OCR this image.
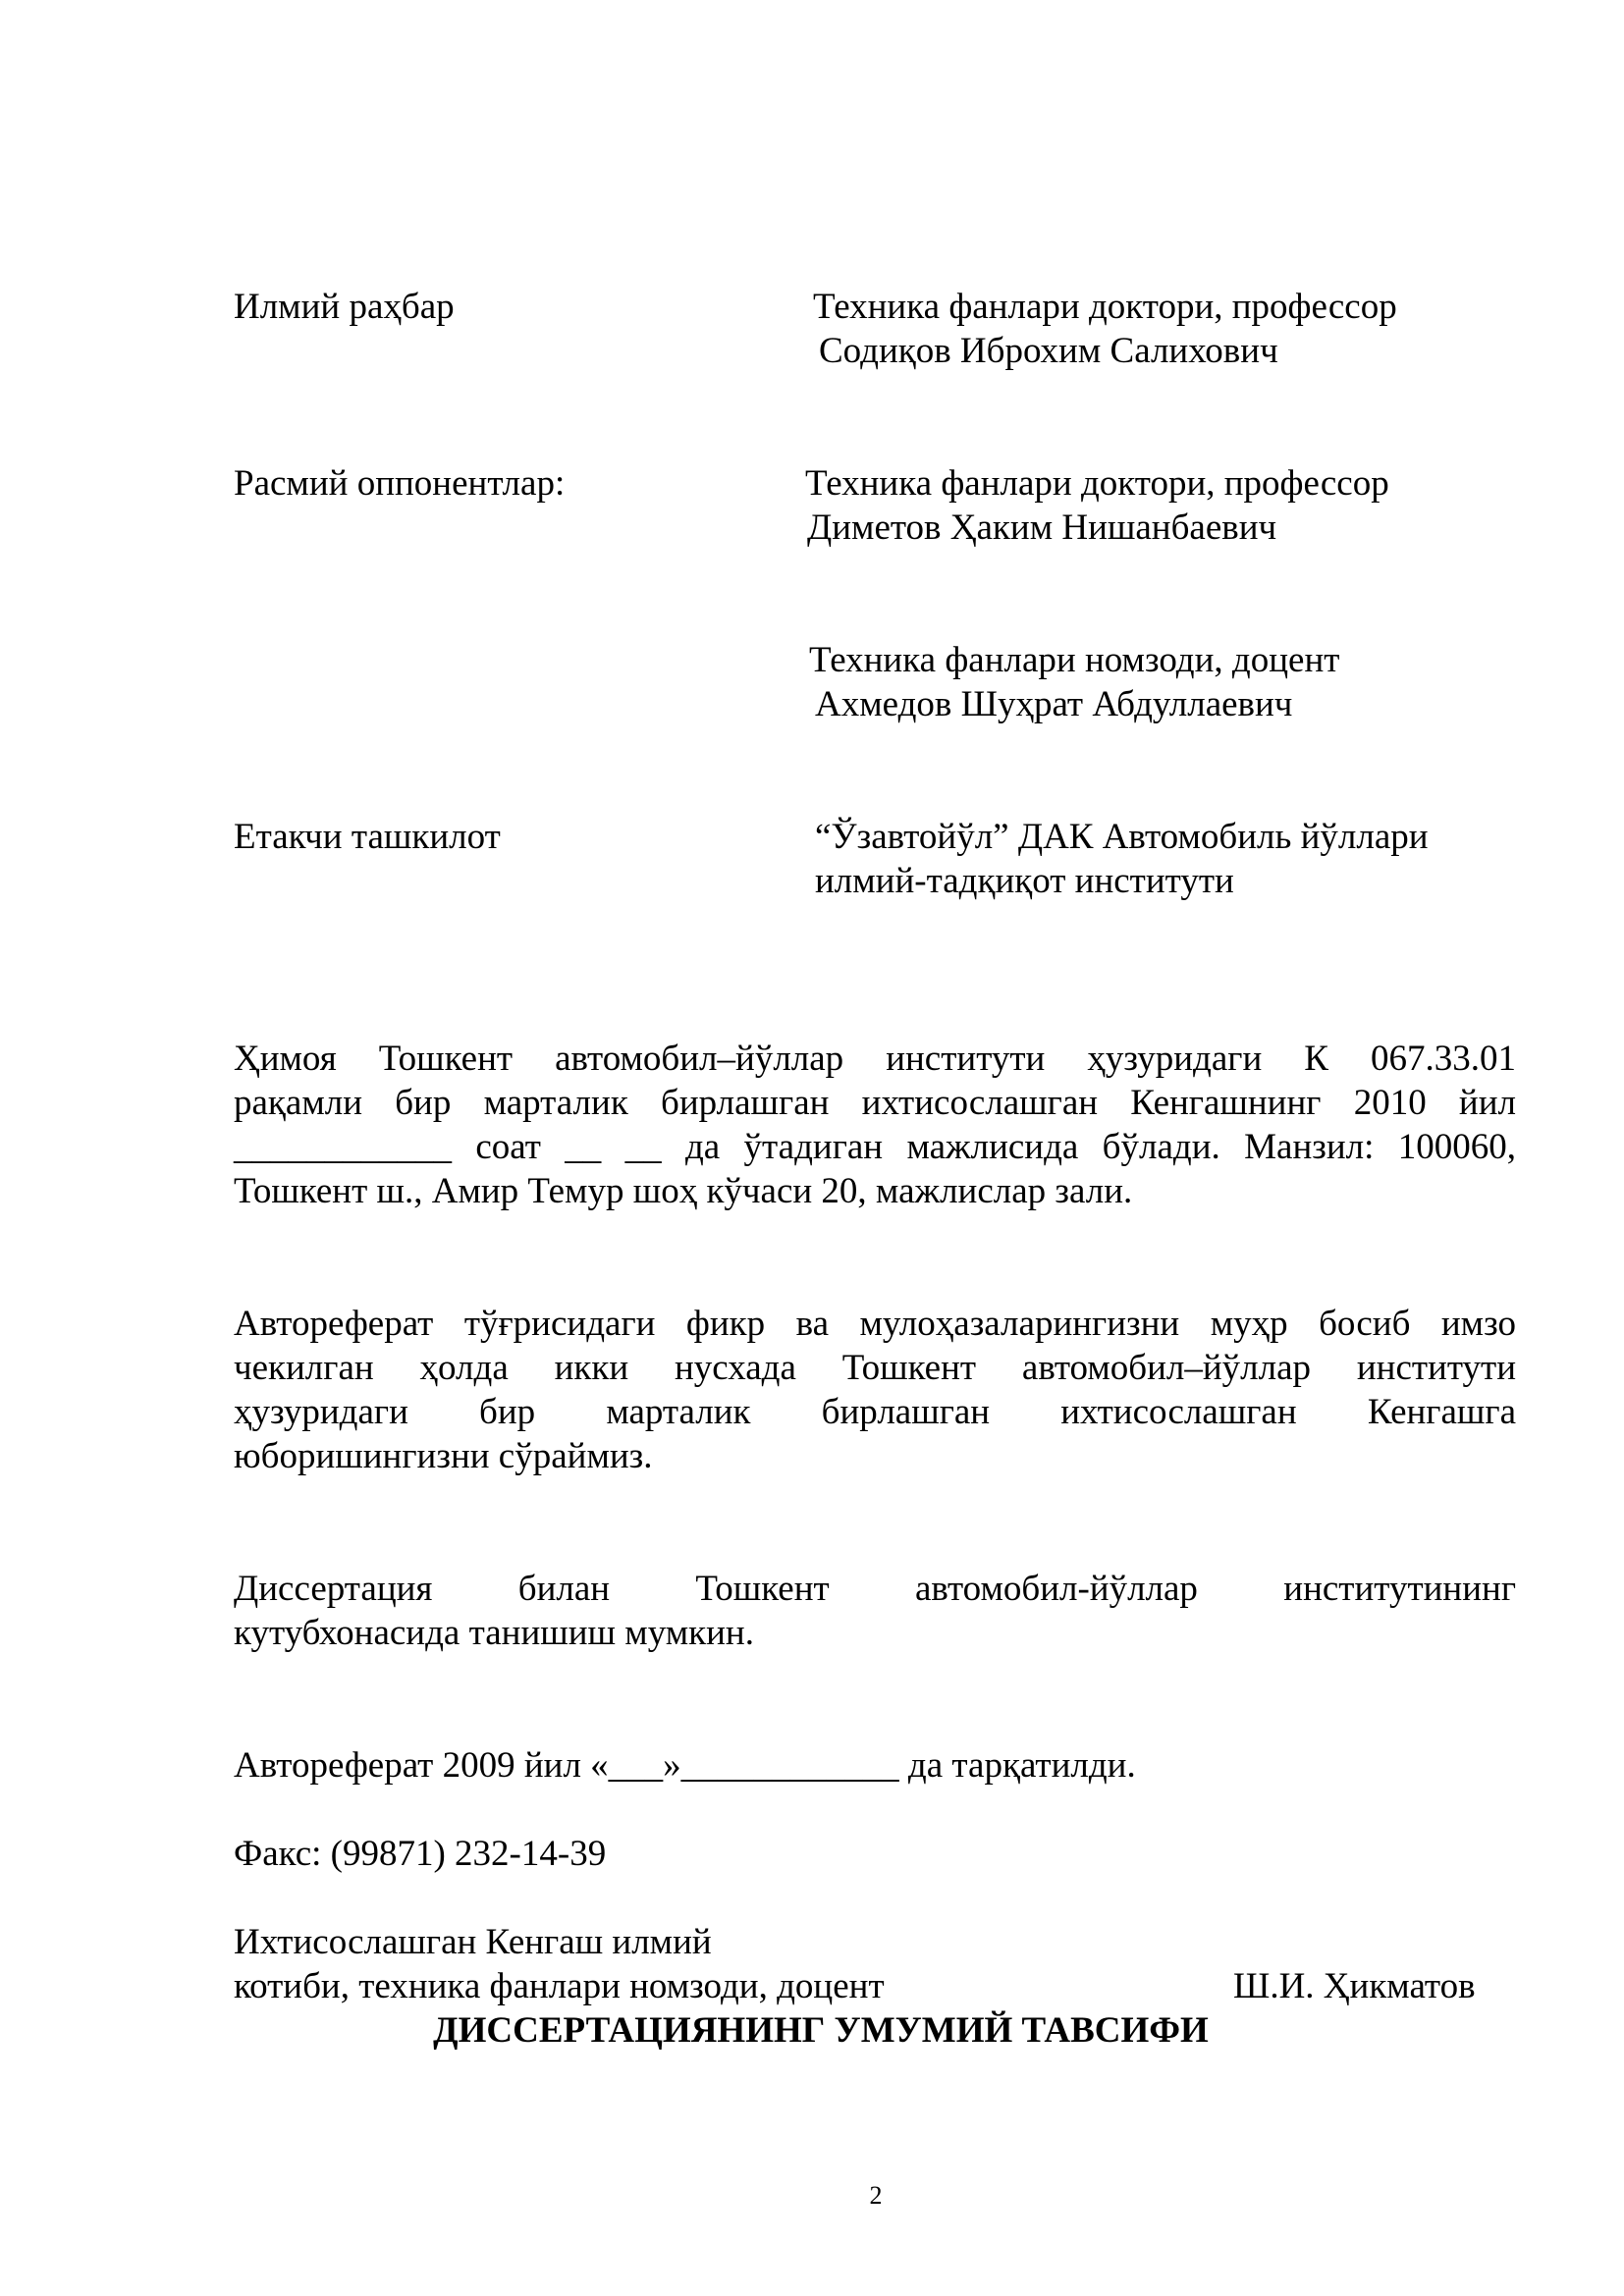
Илмий раҳбар	Техника фанлари доктори, профессор
Содиқов Иброхим Салихович
Расмий оппонентлар:	Техника фанлари доктори, профессор
Диметов Ҳаким Нишанбаевич
Техника фанлари номзоди, доцент
Ахмедов Шуҳрат Абдуллаевич
Етакчи ташкилот	“Ўзавтойўл” ДАК Автомобиль йўллари
илмий-тадқиқот институти
Ҳимоя Тошкент автомобил–йўллар институти ҳузуридаги К 067.33.01
рақамли бир марталик бирлашган ихтисослашган Кенгашнинг 2010 йил
____________ соат __ __ да ўтадиган мажлисида бўлади. Манзил: 100060,
Тошкент ш., Амир Темур шоҳ кўчаси 20, мажлислар зали.
Автореферат тўғрисидаги фикр ва мулоҳазаларингизни муҳр босиб имзо
чекилган ҳолда икки нусхада Тошкент автомобил–йўллар институти
ҳузуридаги бир марталик бирлашган ихтисослашган Кенгашга
юборишингизни сўраймиз.
Диссертация билан Тошкент автомобил-йўллар институтининг
кутубхонасида танишиш мумкин.
Автореферат 2009 йил «___»____________ да тарқатилди.
Факс: (99871) 232-14-39
Ихтисослашган Кенгаш илмий
котиби, техника фанлари номзоди, доцент	Ш.И. Ҳикматов
ДИССЕРТАЦИЯНИНГ УМУМИЙ ТАВСИФИ
2
